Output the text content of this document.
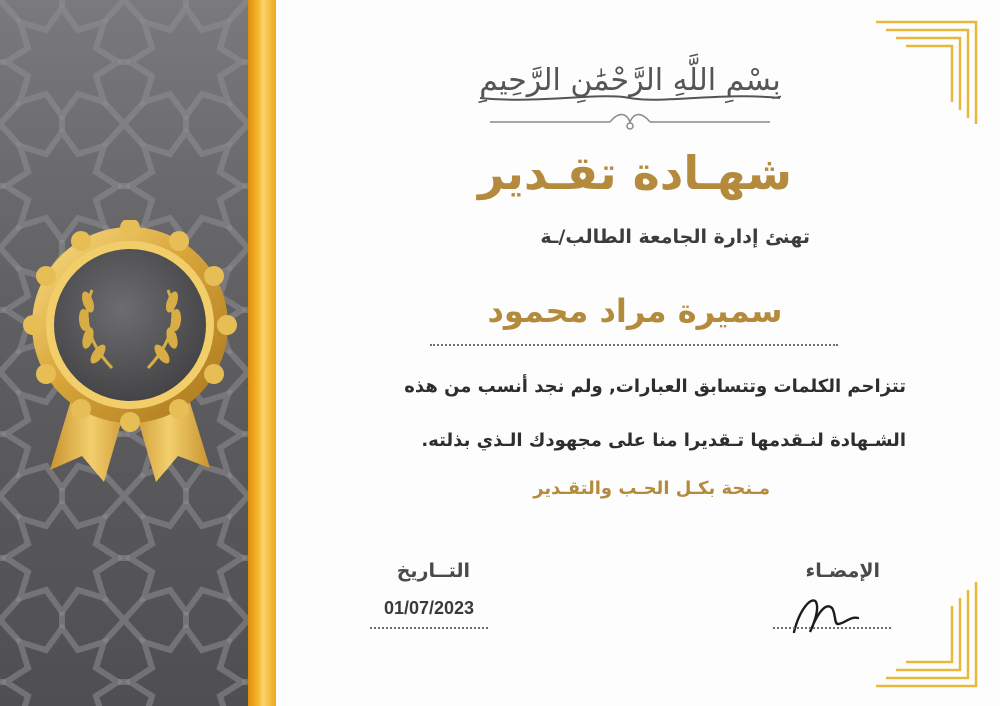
بِسْمِ اللَّهِ الرَّحْمَٰنِ الرَّحِيمِ
شهـادة تقـدير

تهنئ إدارة الجامعة الطالب/ـة

سميرة مراد محمود

تتزاحم الكلمات وتتسابق العبارات, ولم نجد أنسب من هذه

الشـهادة لنـقدمها تـقديرا منا على مجهودك الـذي بذلته.

مـنحة بكـل الحـب والتقـدير

التــاريخ

01/07/2023

الإمضـاء
